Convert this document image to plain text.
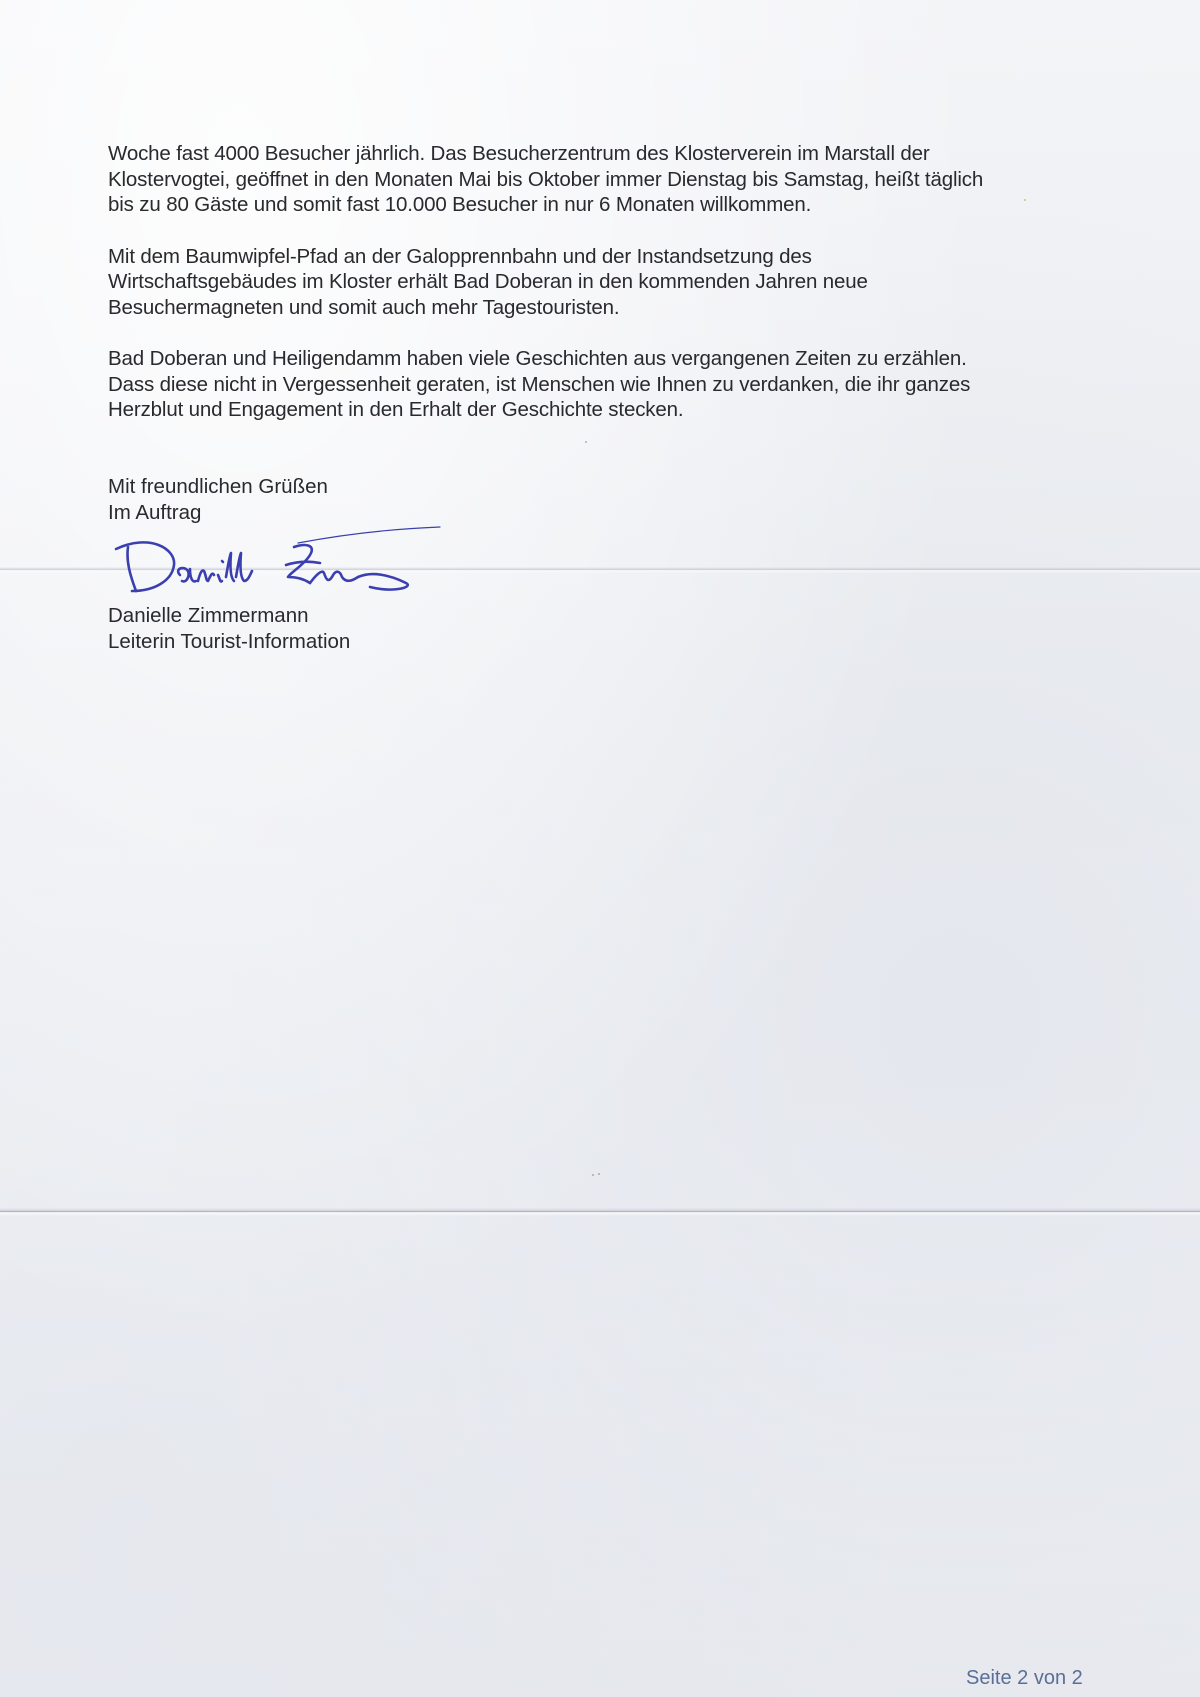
Woche fast 4000 Besucher jährlich. Das Besucherzentrum des Klosterverein im Marstall der
Klostervogtei, geöffnet in den Monaten Mai bis Oktober immer Dienstag bis Samstag, heißt täglich
bis zu 80 Gäste und somit fast 10.000 Besucher in nur 6 Monaten willkommen.

Mit dem Baumwipfel-Pfad an der Galopprennbahn und der Instandsetzung des
Wirtschaftsgebäudes im Kloster erhält Bad Doberan in den kommenden Jahren neue
Besuchermagneten und somit auch mehr Tagestouristen.

Bad Doberan und Heiligendamm haben viele Geschichten aus vergangenen Zeiten zu erzählen.
Dass diese nicht in Vergessenheit geraten, ist Menschen wie Ihnen zu verdanken, die ihr ganzes
Herzblut und Engagement in den Erhalt der Geschichte stecken.

Mit freundlichen Grüßen
Im Auftrag
Danielle Zimmermann
Leiterin Tourist-Information
Seite 2 von 2
